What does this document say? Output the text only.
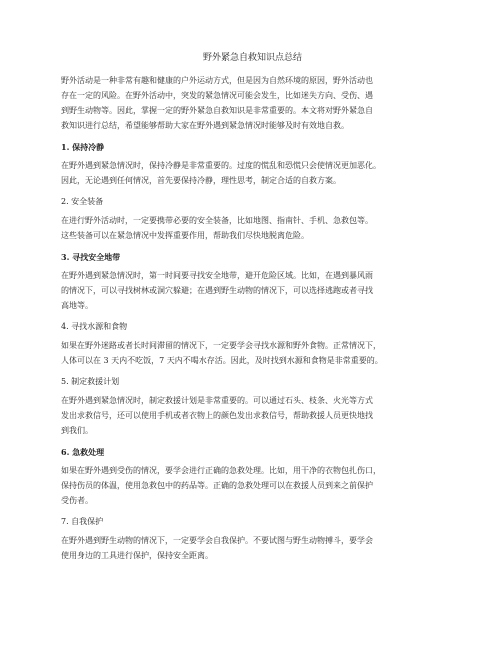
野外紧急自救知识点总结
野外活动是一种非常有趣和健康的户外运动方式，但是因为自然环境的原因，野外活动也
存在一定的风险。在野外活动中，突发的紧急情况可能会发生，比如迷失方向、受伤、遇
到野生动物等。因此，掌握一定的野外紧急自救知识是非常重要的。本文将对野外紧急自
救知识进行总结，希望能够帮助大家在野外遇到紧急情况时能够及时有效地自救。
1. 保持冷静
在野外遇到紧急情况时，保持冷静是非常重要的。过度的慌乱和恐慌只会使情况更加恶化。
因此，无论遇到任何情况，首先要保持冷静，理性思考，制定合适的自救方案。
2. 安全装备
在进行野外活动时，一定要携带必要的安全装备，比如地图、指南针、手机、急救包等。
这些装备可以在紧急情况中发挥重要作用，帮助我们尽快地脱离危险。
3. 寻找安全地带
在野外遇到紧急情况时，第一时间要寻找安全地带，避开危险区域。比如，在遇到暴风雨
的情况下，可以寻找树林或洞穴躲避；在遇到野生动物的情况下，可以选择逃跑或者寻找
高地等。
4. 寻找水源和食物
如果在野外迷路或者长时间滞留的情况下，一定要学会寻找水源和野外食物。正常情况下，
人体可以在 3 天内不吃饭，7 天内不喝水存活。因此，及时找到水源和食物是非常重要的。
5. 制定救援计划
在野外遇到紧急情况时，制定救援计划是非常重要的。可以通过石头、枝条、火光等方式
发出求救信号，还可以使用手机或者衣物上的颜色发出求救信号，帮助救援人员更快地找
到我们。
6. 急救处理
如果在野外遇到受伤的情况，要学会进行正确的急救处理。比如，用干净的衣物包扎伤口，
保持伤员的体温，使用急救包中的药品等。正确的急救处理可以在救援人员到来之前保护
受伤者。
7. 自我保护
在野外遇到野生动物的情况下，一定要学会自我保护。不要试图与野生动物搏斗，要学会
使用身边的工具进行保护，保持安全距离。
